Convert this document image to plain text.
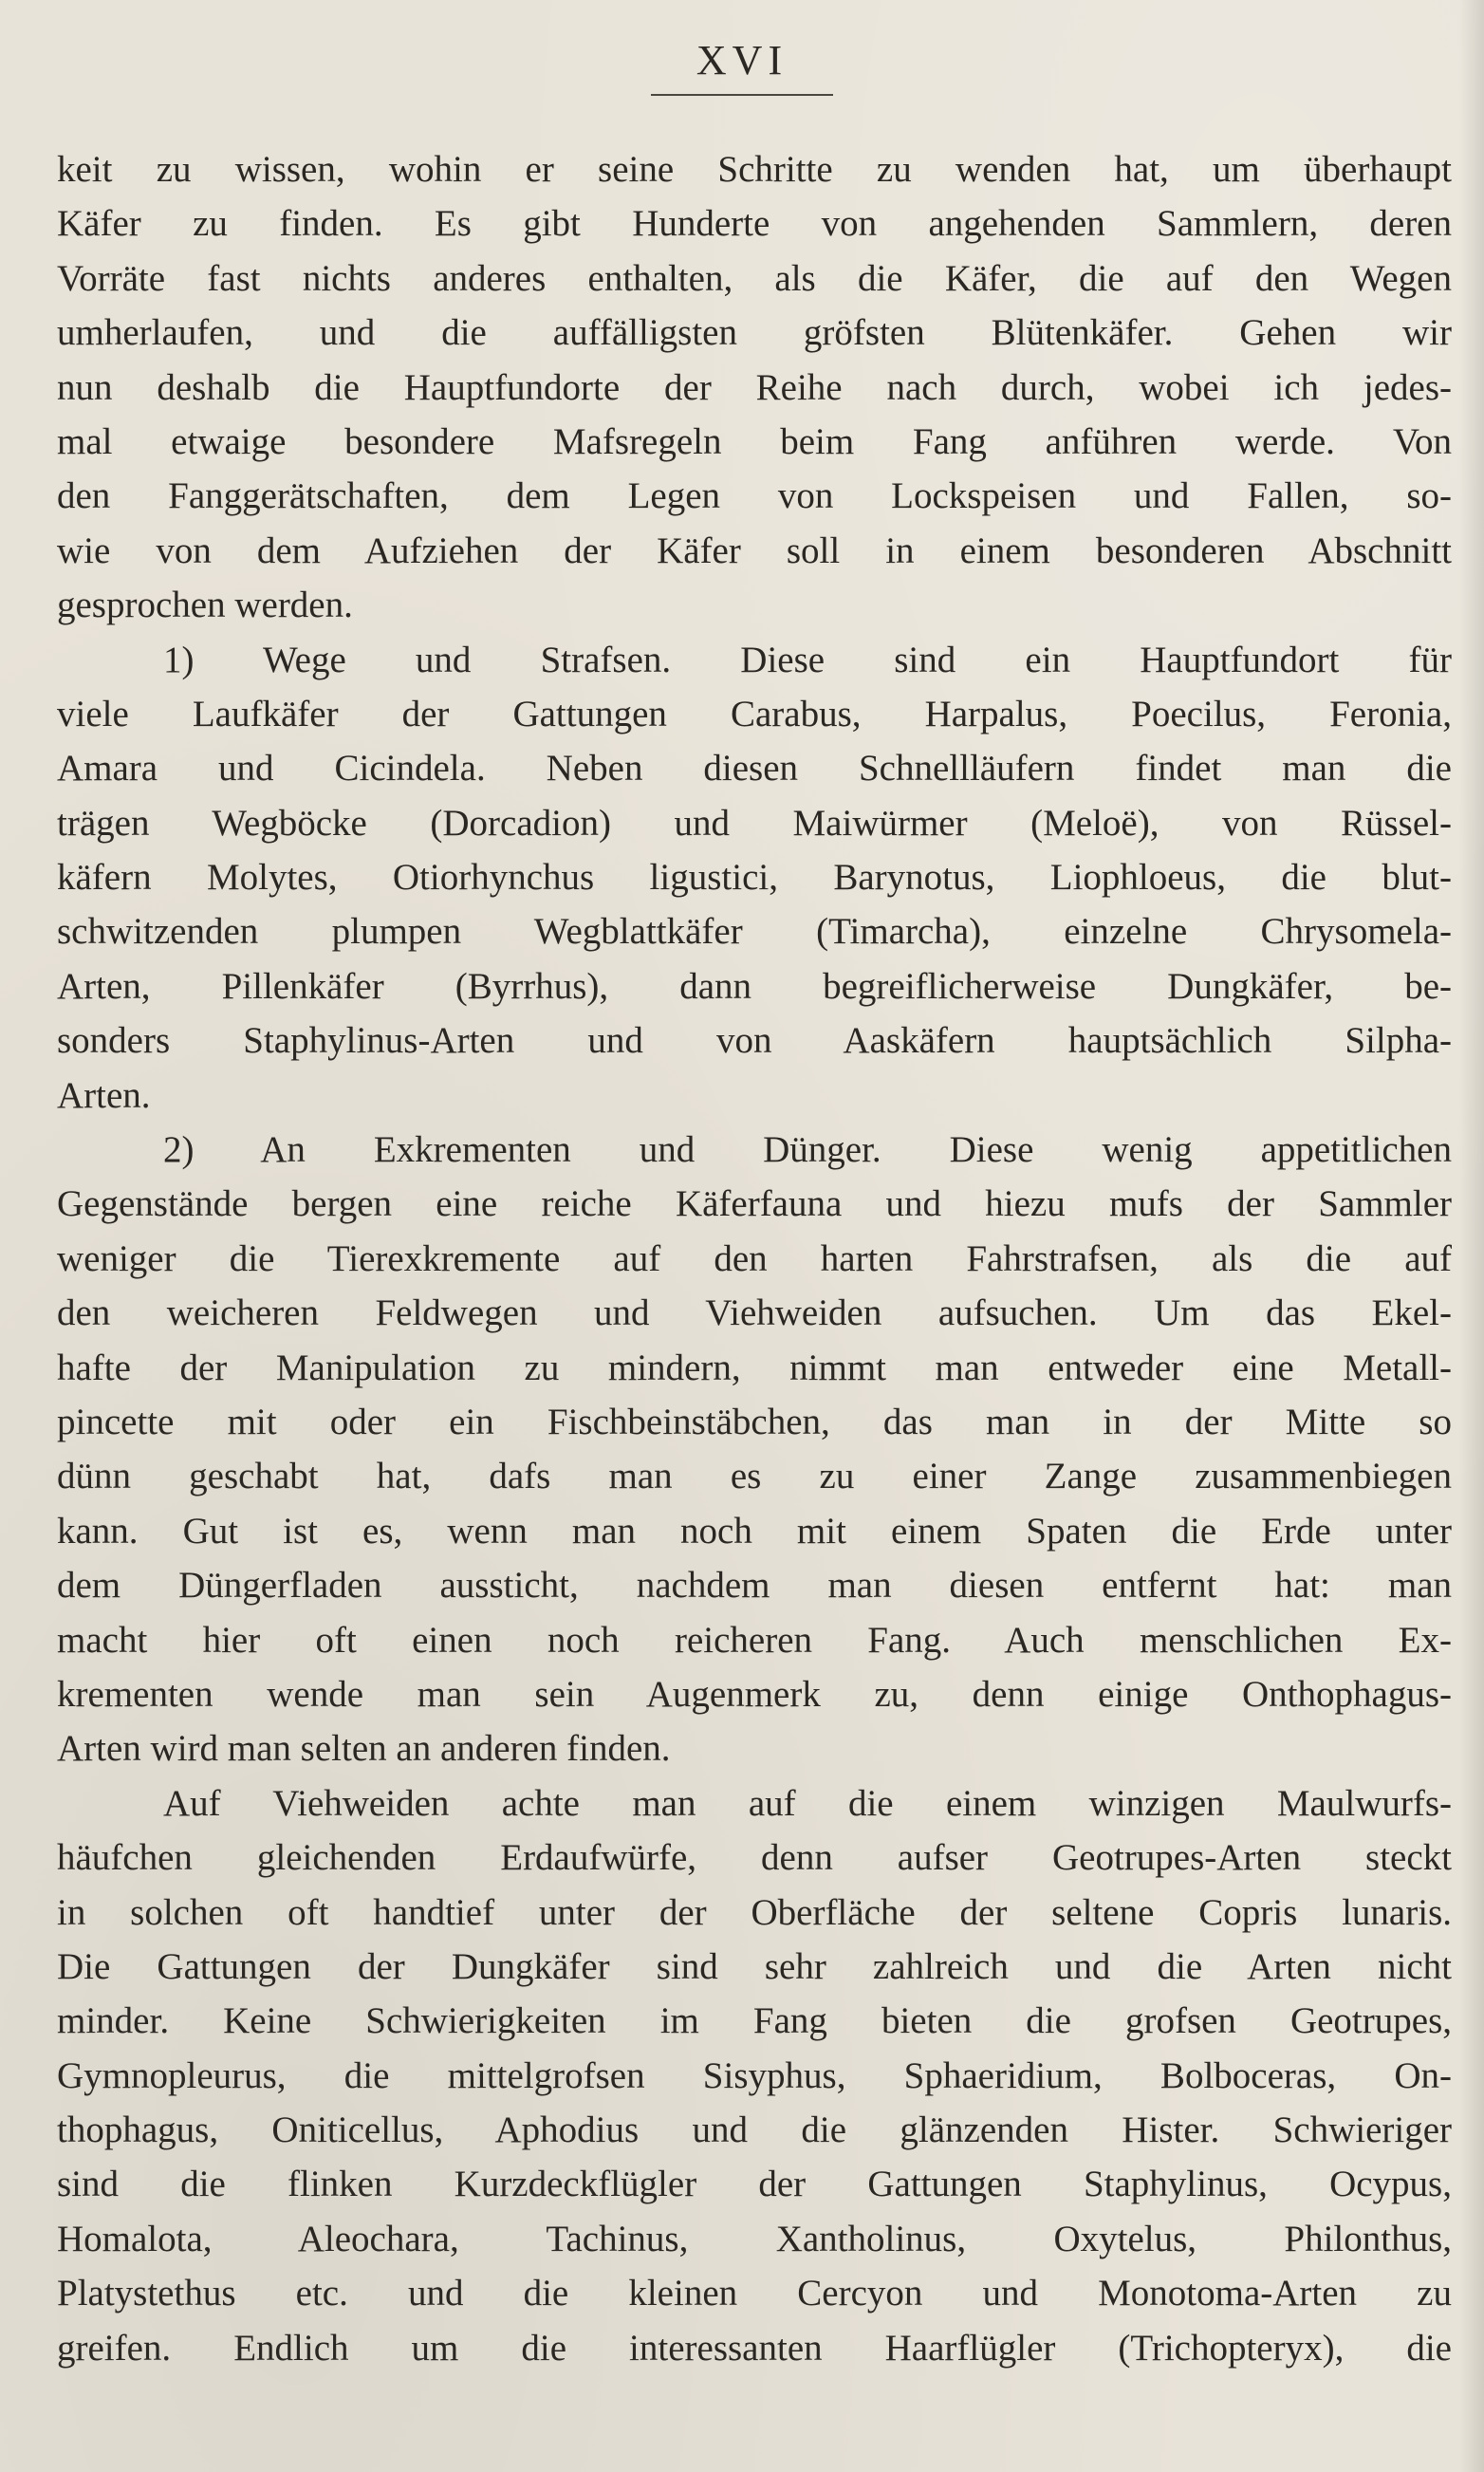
XVI
keit zu wissen, wohin er seine Schritte zu wenden hat, um überhaupt
Käfer zu finden. Es gibt Hunderte von angehenden Sammlern, deren
Vorräte fast nichts anderes enthalten, als die Käfer, die auf den Wegen
umherlaufen, und die auffälligsten gröfsten Blütenkäfer. Gehen wir
nun deshalb die Hauptfundorte der Reihe nach durch, wobei ich jedes-
mal etwaige besondere Mafsregeln beim Fang anführen werde. Von
den Fanggerätschaften, dem Legen von Lockspeisen und Fallen, so-
wie von dem Aufziehen der Käfer soll in einem besonderen Abschnitt
gesprochen werden.
1) Wege und Strafsen. Diese sind ein Hauptfundort für
viele Laufkäfer der Gattungen Carabus, Harpalus, Poecilus, Feronia,
Amara und Cicindela. Neben diesen Schnellläufern findet man die
trägen Wegböcke (Dorcadion) und Maiwürmer (Meloë), von Rüssel-
käfern Molytes, Otiorhynchus ligustici, Barynotus, Liophloeus, die blut-
schwitzenden plumpen Wegblattkäfer (Timarcha), einzelne Chrysomela-
Arten, Pillenkäfer (Byrrhus), dann begreiflicherweise Dungkäfer, be-
sonders Staphylinus-Arten und von Aaskäfern hauptsächlich Silpha-
Arten.
2) An Exkrementen und Dünger. Diese wenig appetitlichen
Gegenstände bergen eine reiche Käferfauna und hiezu mufs der Sammler
weniger die Tierexkremente auf den harten Fahrstrafsen, als die auf
den weicheren Feldwegen und Viehweiden aufsuchen. Um das Ekel-
hafte der Manipulation zu mindern, nimmt man entweder eine Metall-
pincette mit oder ein Fischbeinstäbchen, das man in der Mitte so
dünn geschabt hat, dafs man es zu einer Zange zusammenbiegen
kann. Gut ist es, wenn man noch mit einem Spaten die Erde unter
dem Düngerfladen aussticht, nachdem man diesen entfernt hat: man
macht hier oft einen noch reicheren Fang. Auch menschlichen Ex-
krementen wende man sein Augenmerk zu, denn einige Onthophagus-
Arten wird man selten an anderen finden.
Auf Viehweiden achte man auf die einem winzigen Maulwurfs-
häufchen gleichenden Erdaufwürfe, denn aufser Geotrupes-Arten steckt
in solchen oft handtief unter der Oberfläche der seltene Copris lunaris.
Die Gattungen der Dungkäfer sind sehr zahlreich und die Arten nicht
minder. Keine Schwierigkeiten im Fang bieten die grofsen Geotrupes,
Gymnopleurus, die mittelgrofsen Sisyphus, Sphaeridium, Bolboceras, On-
thophagus, Oniticellus, Aphodius und die glänzenden Hister. Schwieriger
sind die flinken Kurzdeckflügler der Gattungen Staphylinus, Ocypus,
Homalota, Aleochara, Tachinus, Xantholinus, Oxytelus, Philonthus,
Platystethus etc. und die kleinen Cercyon und Monotoma-Arten zu
greifen. Endlich um die interessanten Haarflügler (Trichopteryx), die
